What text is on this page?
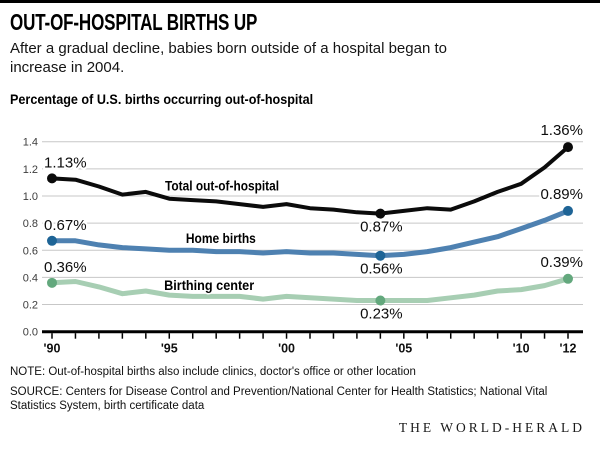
OUT-OF-HOSPITAL BIRTHS UP

After a gradual decline, babies born outside of a hospital began to
increase in 2004.

Percentage of U.S. births occurring out-of-hospital
0.0
0.2
0.4
0.6
0.8
1.0
1.2
1.4
'90	'95	'00	'05	'10 '12
Total out-of-hospital
1.13%
0.87%
1.36%
Home births
0.67%
0.56%
0.89%
Birthing center
0.36%
0.23%
0.39%

NOTE: Out-of-hospital births also include clinics, doctor's office or other location

SOURCE: Centers for Disease Control and Prevention/National Center for Health Statistics; National Vital Statistics System, birth certificate data

THE WORLD-HERALD
